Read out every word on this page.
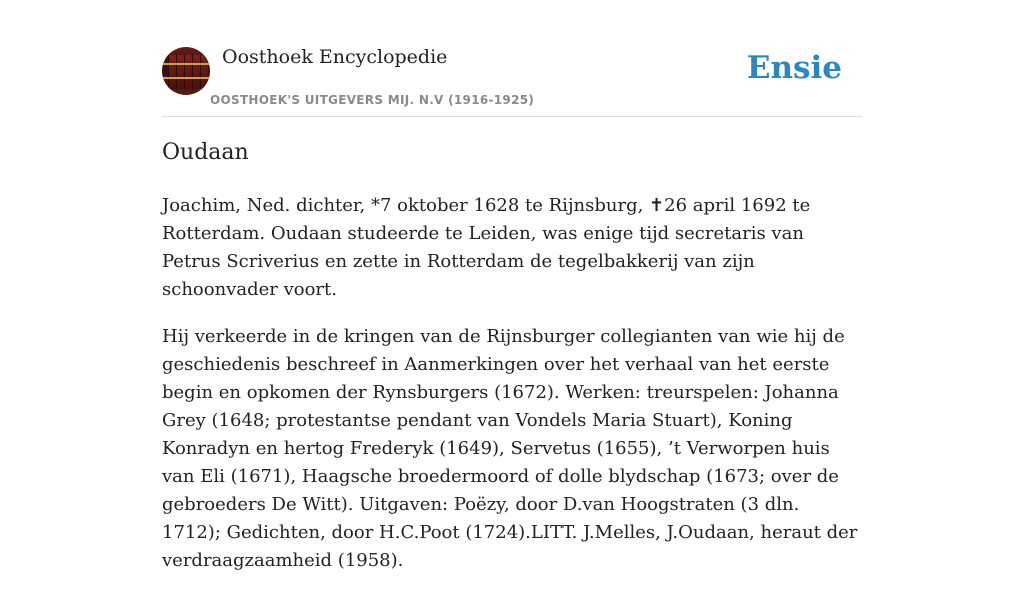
Oosthoek Encyclopedie
OOSTHOEK'S UITGEVERS MIJ. N.V (1916-1925)
Ensie
Oudaan

Joachim, Ned. dichter, *7 oktober 1628 te Rijnsburg, ✝26 april 1692 te Rotterdam. Oudaan studeerde te Leiden, was enige tijd secretaris van Petrus Scriverius en zette in Rotterdam de tegelbakkerij van zijn schoonvader voort.

Hij verkeerde in de kringen van de Rijnsburger collegianten van wie hij de geschiedenis beschreef in Aanmerkingen over het verhaal van het eerste begin en opkomen der Rynsburgers (1672). Werken: treurspelen: Johanna Grey (1648; protestantse pendant van Vondels Maria Stuart), Koning Konradyn en hertog Frederyk (1649), Servetus (1655), ’t Verworpen huis van Eli (1671), Haagsche broedermoord of dolle blydschap (1673; over de gebroeders De Witt). Uitgaven: Poëzy, door D.van Hoogstraten (3 dln. 1712); Gedichten, door H.C.Poot (1724).LITT. J.Melles, J.Oudaan, heraut der verdraagzaamheid (1958).
